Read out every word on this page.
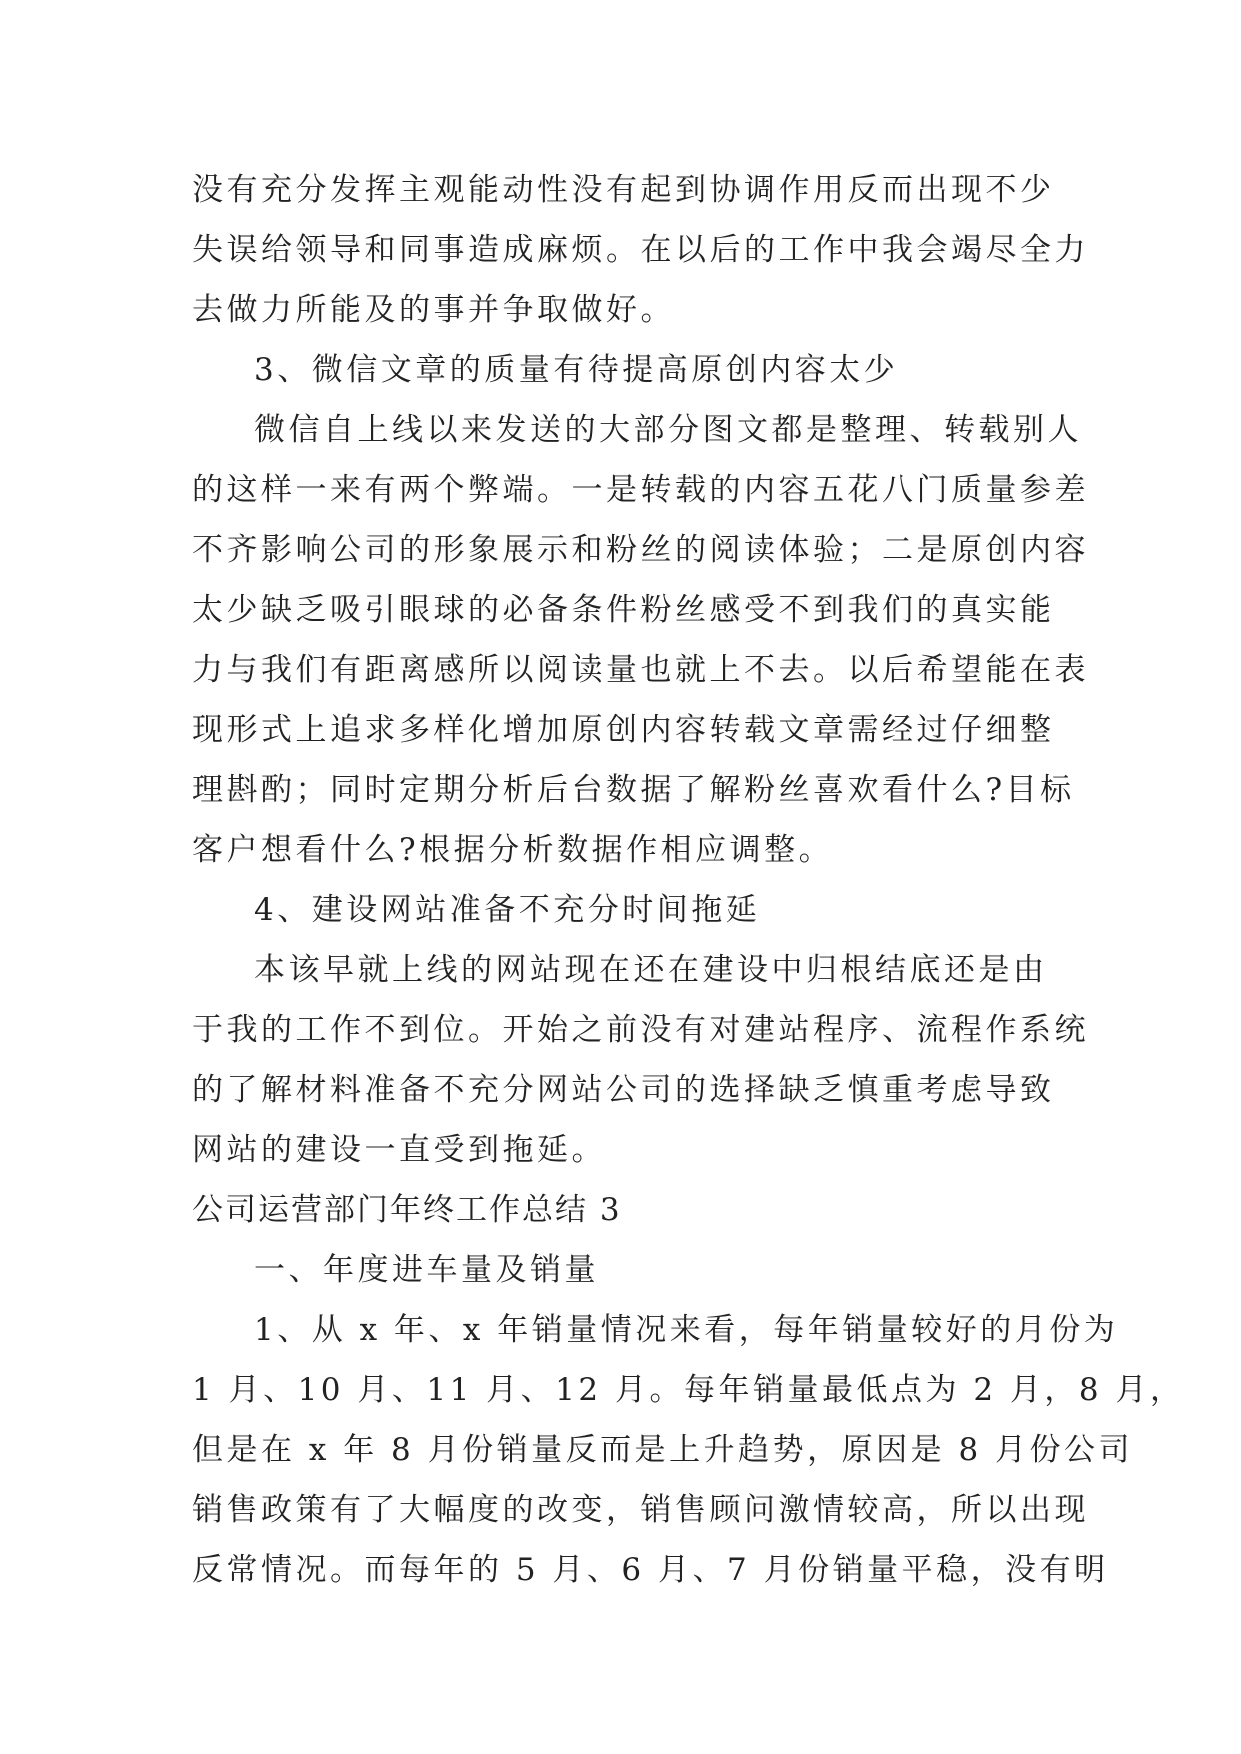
没有充分发挥主观能动性没有起到协调作用反而出现不少
失误给领导和同事造成麻烦。在以后的工作中我会竭尽全力
去做力所能及的事并争取做好。
3、微信文章的质量有待提高原创内容太少
微信自上线以来发送的大部分图文都是整理、转载别人
的这样一来有两个弊端。一是转载的内容五花八门质量参差
不齐影响公司的形象展示和粉丝的阅读体验；二是原创内容
太少缺乏吸引眼球的必备条件粉丝感受不到我们的真实能
力与我们有距离感所以阅读量也就上不去。以后希望能在表
现形式上追求多样化增加原创内容转载文章需经过仔细整
理斟酌；同时定期分析后台数据了解粉丝喜欢看什么?目标
客户想看什么?根据分析数据作相应调整。
4、建设网站准备不充分时间拖延
本该早就上线的网站现在还在建设中归根结底还是由
于我的工作不到位。开始之前没有对建站程序、流程作系统
的了解材料准备不充分网站公司的选择缺乏慎重考虑导致
网站的建设一直受到拖延。
公司运营部门年终工作总结 3
一、年度进车量及销量
1、从 x 年、x 年销量情况来看，每年销量较好的月份为
1 月、10 月、11 月、12 月。每年销量最低点为 2 月，8 月，
但是在 x 年 8 月份销量反而是上升趋势，原因是 8 月份公司
销售政策有了大幅度的改变，销售顾问激情较高，所以出现
反常情况。而每年的 5 月、6 月、7 月份销量平稳，没有明
